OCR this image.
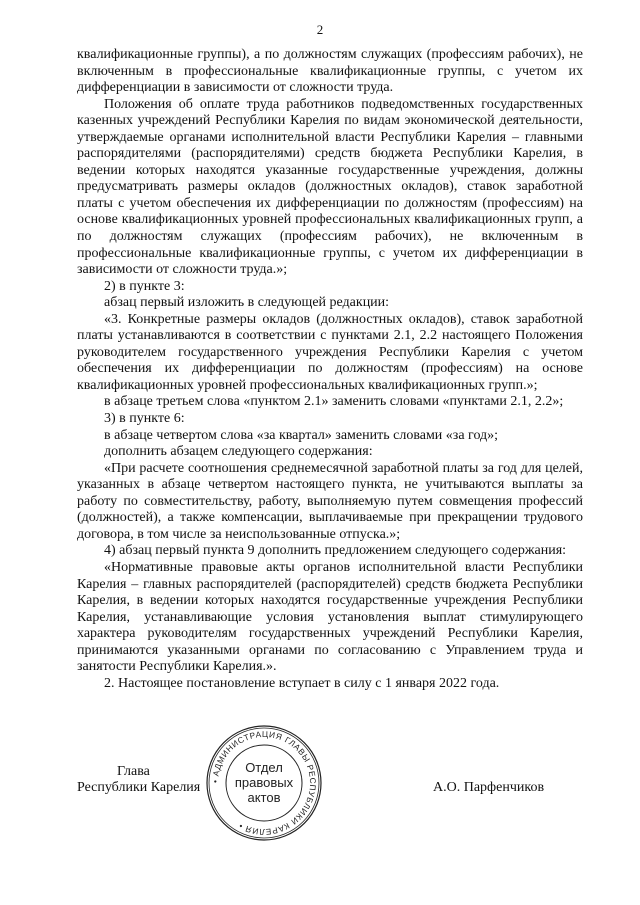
2

квалификационные группы), а по должностям служащих (профессиям рабочих), не включенным в профессиональные квалификационные группы, с учетом их дифференциации в зависимости от сложности труда.

Положения об оплате труда работников подведомственных государственных казенных учреждений Республики Карелия по видам экономической деятельности, утверждаемые органами исполнительной власти Республики Карелия – главными распорядителями (распорядителями) средств бюджета Республики Карелия, в ведении которых находятся указанные государственные учреждения, должны предусматривать размеры окладов (должностных окладов), ставок заработной платы с учетом обеспечения их дифференциации по должностям (профессиям) на основе квалификационных уровней профессиональных квалификационных групп, а по должностям служащих (профессиям рабочих), не включенным в профессиональные квалификационные группы, с учетом их дифференциации в зависимости от сложности труда.»;

2) в пункте 3:

абзац первый изложить в следующей редакции:

«3. Конкретные размеры окладов (должностных окладов), ставок заработной платы устанавливаются в соответствии с пунктами 2.1, 2.2 настоящего Положения руководителем государственного учреждения Республики Карелия с учетом обеспечения их дифференциации по должностям (профессиям) на основе квалификационных уровней профессиональных квалификационных групп.»;

в абзаце третьем слова «пунктом 2.1» заменить словами «пунктами 2.1, 2.2»;

3) в пункте 6:

в абзаце четвертом слова «за квартал» заменить словами «за год»;

дополнить абзацем следующего содержания:

«При расчете соотношения среднемесячной заработной платы за год для целей, указанных в абзаце четвертом настоящего пункта, не учитываются выплаты за работу по совместительству, работу, выполняемую путем совмещения профессий (должностей), а также компенсации, выплачиваемые при прекращении трудового договора, в том числе за неиспользованные отпуска.»;

4) абзац первый пункта 9 дополнить предложением следующего содержания:

«Нормативные правовые акты органов исполнительной власти Республики Карелия – главных распорядителей (распорядителей) средств бюджета Республики Карелия, в ведении которых находятся государственные учреждения Республики Карелия, устанавливающие условия установления выплат стимулирующего характера руководителям государственных учреждений Республики Карелия, принимаются указанными органами по согласованию с Управлением труда и занятости Республики Карелия.».

2. Настоящее постановление вступает в силу с 1 января 2022 года.

Глава
Республики Карелия	А.О. Парфенчиков
• АДМИНИСТРАЦИЯ ГЛАВЫ РЕСПУБЛИКИ КАРЕЛИЯ •
Отдел
правовых
актов
